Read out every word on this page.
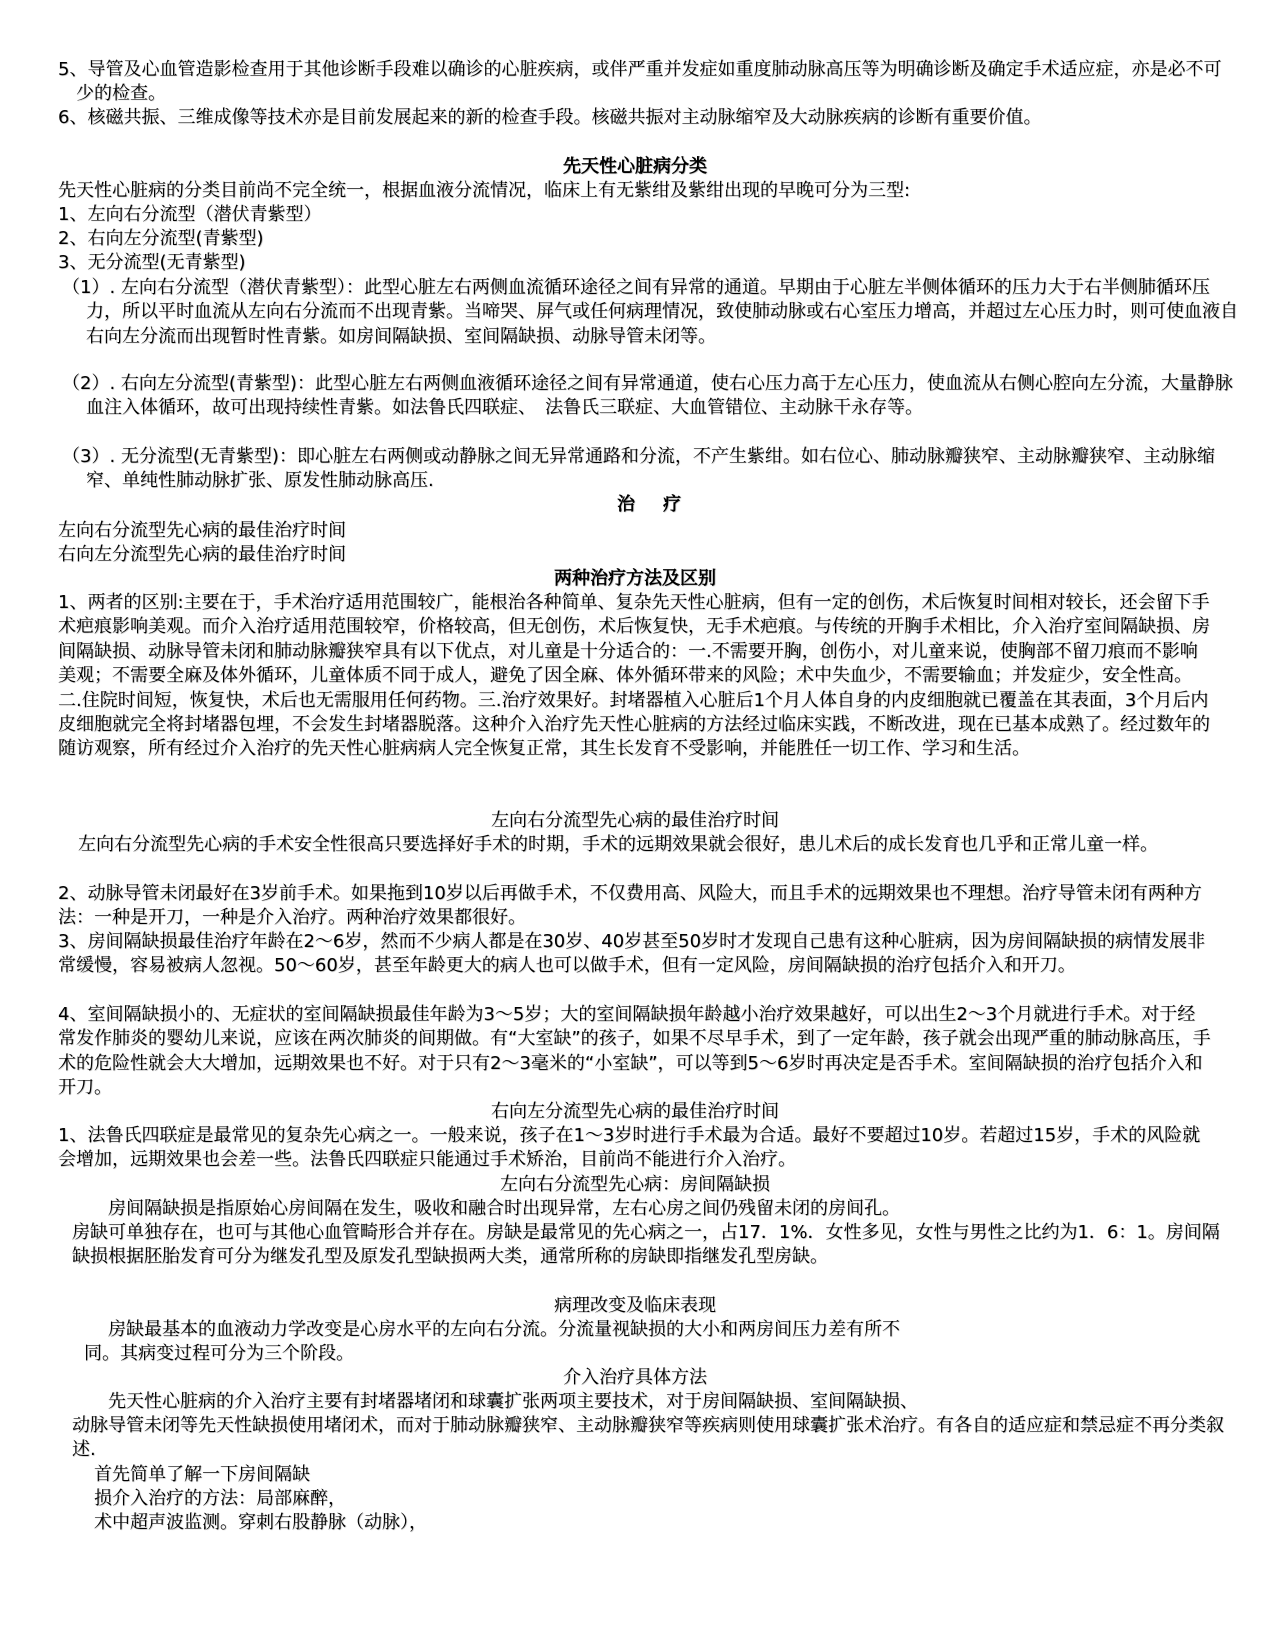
5、导管及心血管造影检查用于其他诊断手段难以确诊的心脏疾病，或伴严重并发症如重度肺动脉高压等为明确诊断及确定手术适应症，亦是必不可少的检查。

6、核磁共振、三维成像等技术亦是目前发展起来的新的检查手段。核磁共振对主动脉缩窄及大动脉疾病的诊断有重要价值。

先天性心脏病分类

先天性心脏病的分类目前尚不完全统一，根据血液分流情况，临床上有无紫绀及紫绀出现的早晚可分为三型:

1、左向右分流型（潜伏青紫型）

2、右向左分流型(青紫型)

3、无分流型(无青紫型)

（1）. 左向右分流型（潜伏青紫型）：此型心脏左右两侧血流循环途径之间有异常的通道。早期由于心脏左半侧体循环的压力大于右半侧肺循环压力，所以平时血流从左向右分流而不出现青紫。当啼哭、屏气或任何病理情况，致使肺动脉或右心室压力增高，并超过左心压力时，则可使血液自右向左分流而出现暂时性青紫。如房间隔缺损、室间隔缺损、动脉导管未闭等。

（2）. 右向左分流型(青紫型)：此型心脏左右两侧血液循环途径之间有异常通道，使右心压力高于左心压力，使血流从右侧心腔向左分流，大量静脉血注入体循环，故可出现持续性青紫。如法鲁氏四联症、　法鲁氏三联症、大血管错位、主动脉干永存等。

（3）. 无分流型(无青紫型)：即心脏左右两侧或动静脉之间无异常通路和分流，不产生紫绀。如右位心、肺动脉瓣狭窄、主动脉瓣狭窄、主动脉缩窄、单纯性肺动脉扩张、原发性肺动脉高压.

治疗

左向右分流型先心病的最佳治疗时间

右向左分流型先心病的最佳治疗时间

两种治疗方法及区别

1、两者的区别:主要在于，手术治疗适用范围较广，能根治各种简单、复杂先天性心脏病，但有一定的创伤，术后恢复时间相对较长，还会留下手术疤痕影响美观。而介入治疗适用范围较窄，价格较高，但无创伤，术后恢复快，无手术疤痕。与传统的开胸手术相比，介入治疗室间隔缺损、房间隔缺损、动脉导管未闭和肺动脉瓣狭窄具有以下优点，对儿童是十分适合的：一.不需要开胸，创伤小，对儿童来说，使胸部不留刀痕而不影响美观；不需要全麻及体外循环，儿童体质不同于成人，避免了因全麻、体外循环带来的风险；术中失血少，不需要输血；并发症少，安全性高。二.住院时间短，恢复快，术后也无需服用任何药物。三.治疗效果好。封堵器植入心脏后1个月人体自身的内皮细胞就已覆盖在其表面，3个月后内皮细胞就完全将封堵器包埋，不会发生封堵器脱落。这种介入治疗先天性心脏病的方法经过临床实践，不断改进，现在已基本成熟了。经过数年的随访观察，所有经过介入治疗的先天性心脏病病人完全恢复正常，其生长发育不受影响，并能胜任一切工作、学习和生活。

左向右分流型先心病的最佳治疗时间

左向右分流型先心病的手术安全性很高只要选择好手术的时期，手术的远期效果就会很好，患儿术后的成长发育也几乎和正常儿童一样。

2、动脉导管未闭最好在3岁前手术。如果拖到10岁以后再做手术，不仅费用高、风险大，而且手术的远期效果也不理想。治疗导管未闭有两种方法：一种是开刀，一种是介入治疗。两种治疗效果都很好。

3、房间隔缺损最佳治疗年龄在2～6岁，然而不少病人都是在30岁、40岁甚至50岁时才发现自己患有这种心脏病，因为房间隔缺损的病情发展非常缓慢，容易被病人忽视。50～60岁，甚至年龄更大的病人也可以做手术，但有一定风险，房间隔缺损的治疗包括介入和开刀。

4、室间隔缺损小的、无症状的室间隔缺损最佳年龄为3～5岁；大的室间隔缺损年龄越小治疗效果越好，可以出生2～3个月就进行手术。对于经常发作肺炎的婴幼儿来说，应该在两次肺炎的间期做。有“大室缺”的孩子，如果不尽早手术，到了一定年龄，孩子就会出现严重的肺动脉高压，手术的危险性就会大大增加，远期效果也不好。对于只有2～3毫米的“小室缺”，可以等到5～6岁时再决定是否手术。室间隔缺损的治疗包括介入和开刀。

右向左分流型先心病的最佳治疗时间

1、法鲁氏四联症是最常见的复杂先心病之一。一般来说，孩子在1～3岁时进行手术最为合适。最好不要超过10岁。若超过15岁，手术的风险就会增加，远期效果也会差一些。法鲁氏四联症只能通过手术矫治，目前尚不能进行介入治疗。

左向右分流型先心病：房间隔缺损

房间隔缺损是指原始心房间隔在发生，吸收和融合时出现异常，左右心房之间仍残留未闭的房间孔。

房缺可单独存在，也可与其他心血管畸形合并存在。房缺是最常见的先心病之一，占17．1%．女性多见，女性与男性之比约为1．6：1。房间隔缺损根据胚胎发育可分为继发孔型及原发孔型缺损两大类，通常所称的房缺即指继发孔型房缺。

病理改变及临床表现

房缺最基本的血液动力学改变是心房水平的左向右分流。分流量视缺损的大小和两房间压力差有所不

同。其病变过程可分为三个阶段。

介入治疗具体方法

先天性心脏病的介入治疗主要有封堵器堵闭和球囊扩张两项主要技术，对于房间隔缺损、室间隔缺损、

动脉导管未闭等先天性缺损使用堵闭术，而对于肺动脉瓣狭窄、主动脉瓣狭窄等疾病则使用球囊扩张术治疗。有各自的适应症和禁忌症不再分类叙述.

首先简单了解一下房间隔缺

损介入治疗的方法：局部麻醉，

术中超声波监测。穿刺右股静脉（动脉），
